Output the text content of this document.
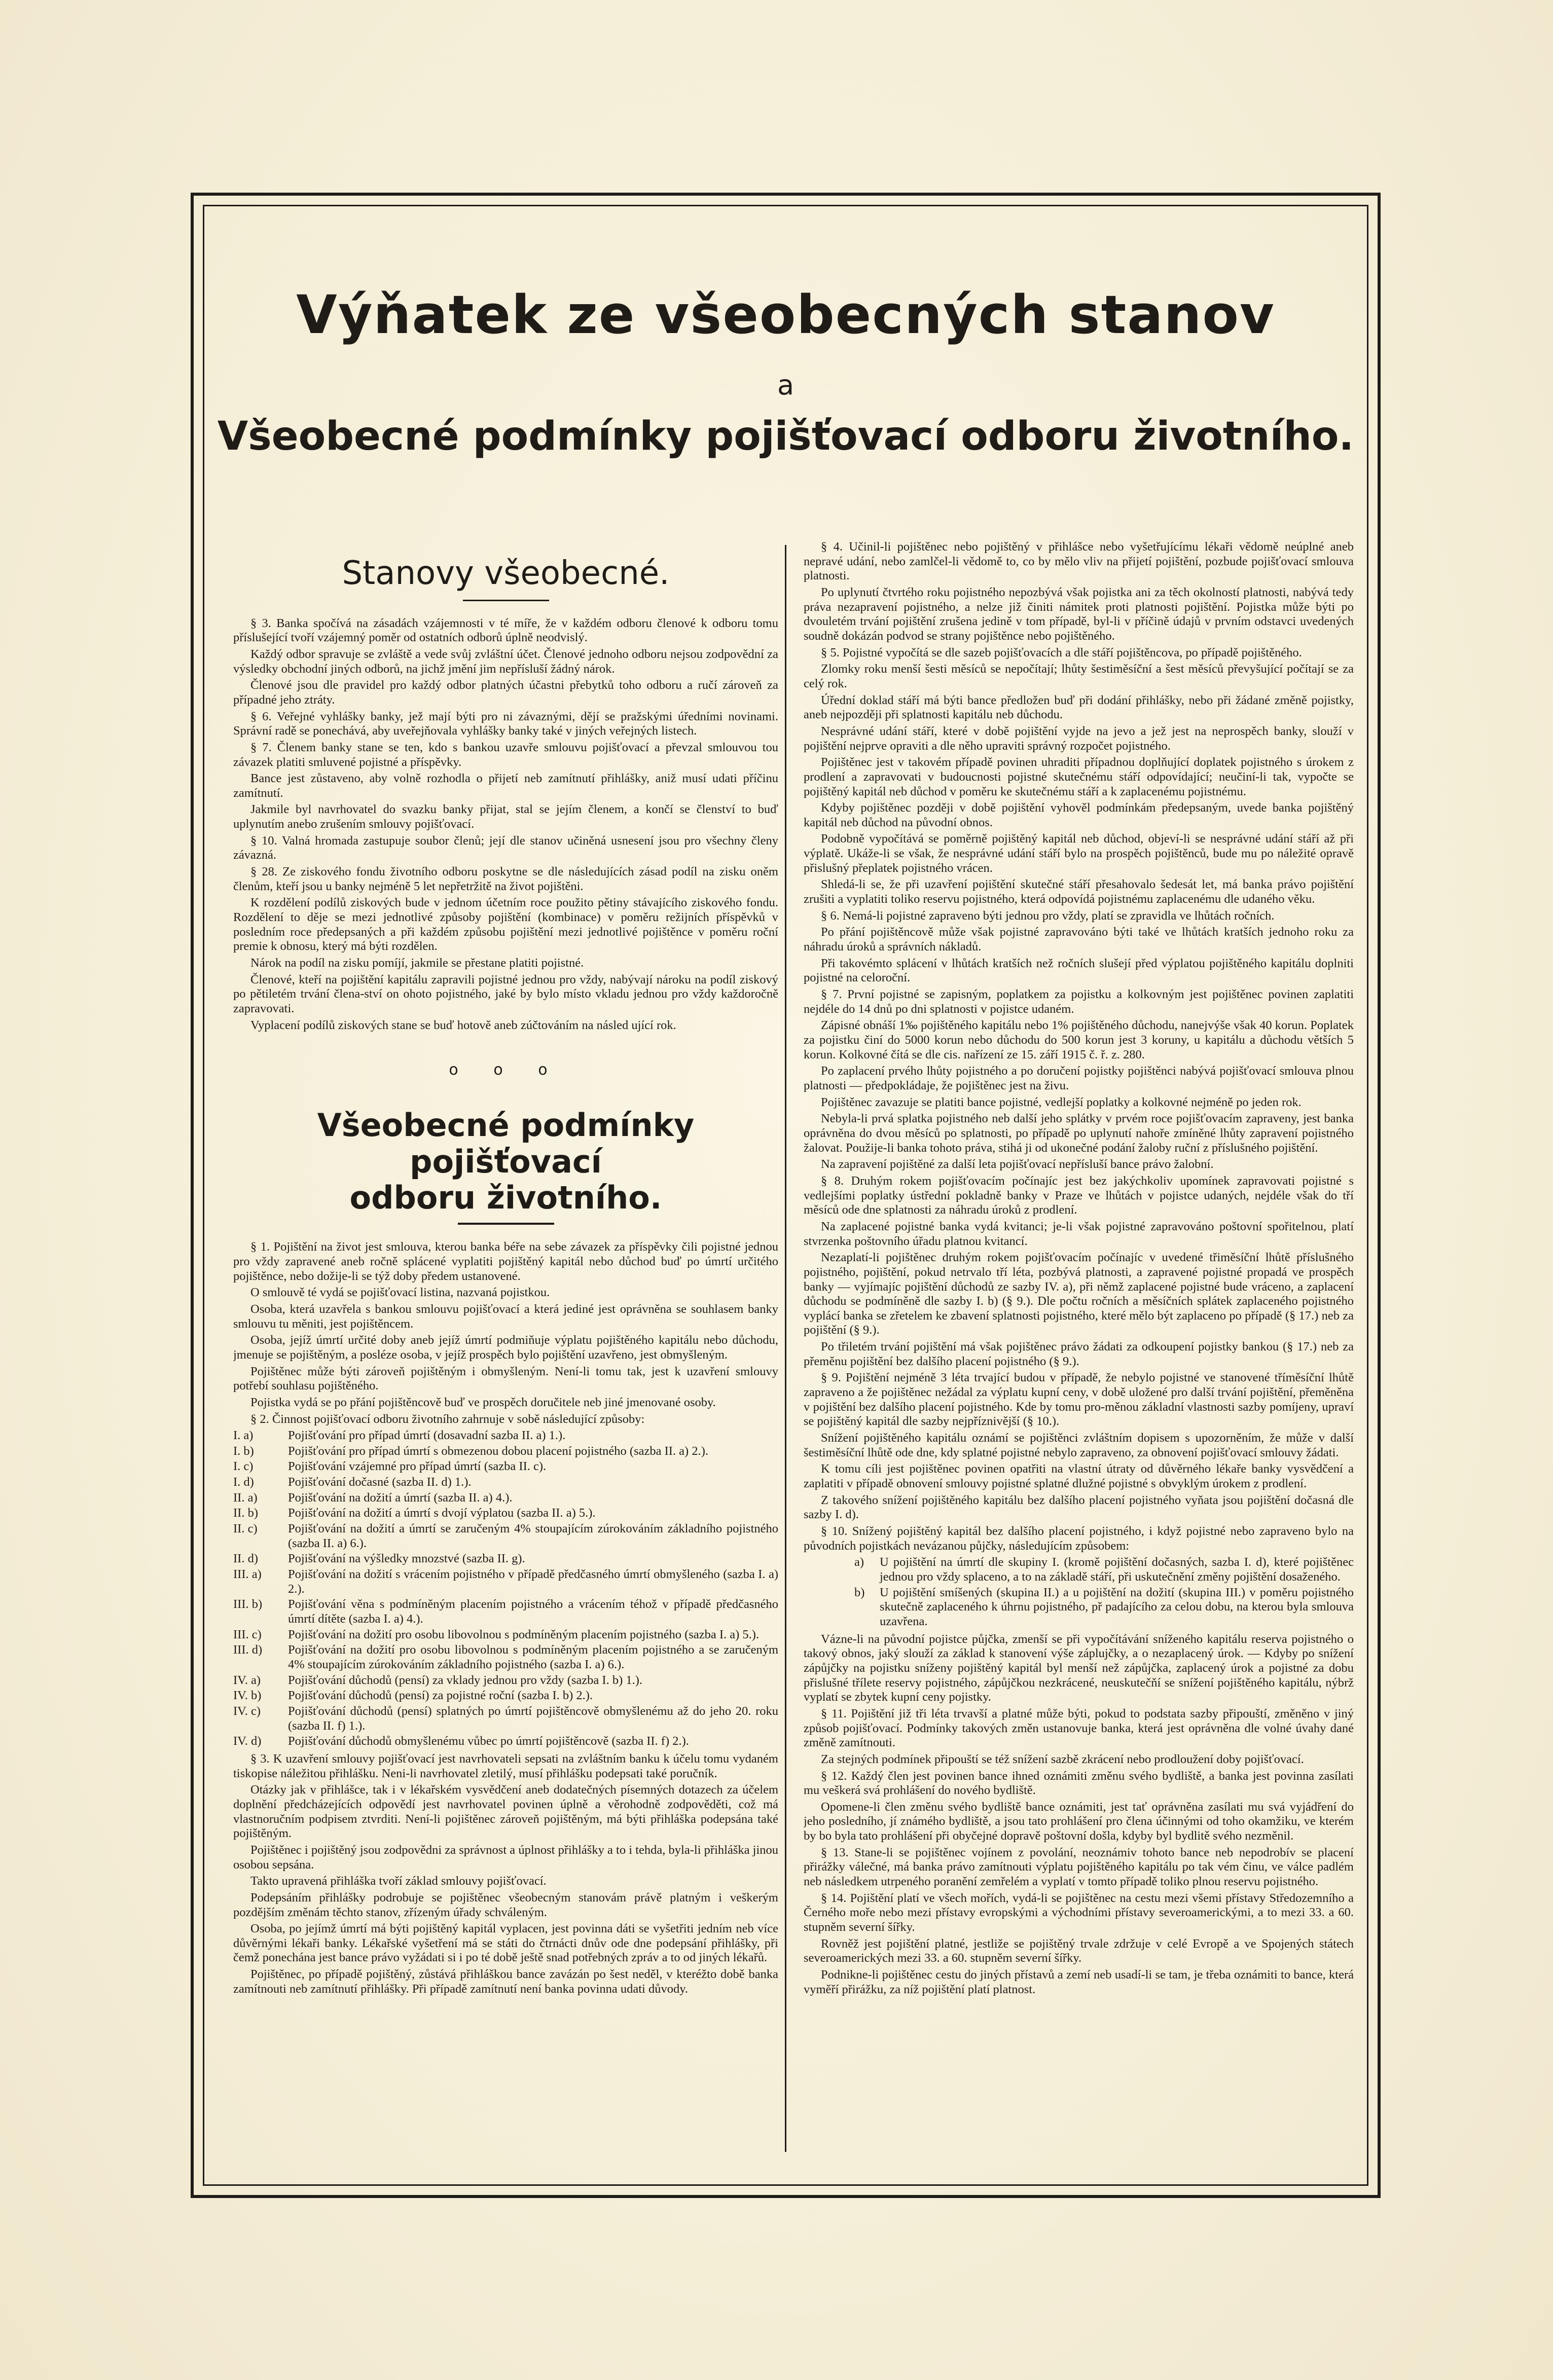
Výňatek ze všeobecných stanov
a
Všeobecné podmínky pojišťovací odboru životního.
Stanovy všeobecné.

§ 3. Banka spočívá na zásadách vzájemnosti v té míře, že v každém odboru členové k odboru tomu příslušející tvoří vzájemný poměr od ostatních odborů úplně neodvislý.

Každý odbor spravuje se zvláště a vede svůj zvláštní účet. Členové jednoho odboru nejsou zodpovědní za výsledky obchodní jiných odborů, na jichž jmění jim nepřísluší žádný nárok.

Členové jsou dle pravidel pro každý odbor platných účastni přebytků toho odboru a ručí zároveň za případné jeho ztráty.

§ 6. Veřejné vyhlášky banky, jež mají býti pro ni závaznými, dějí se pražskými úředními novinami. Správní radě se ponechává, aby uveřejňovala vyhlášky banky také v jiných veřejných listech.

§ 7. Členem banky stane se ten, kdo s bankou uzavře smlouvu pojišťovací a převzal smlouvou tou závazek platiti smluvené pojistné a příspěvky.

Bance jest zůstaveno, aby volně rozhodla o přijetí neb zamítnutí přihlášky, aniž musí udati příčinu zamítnutí.

Jakmile byl navrhovatel do svazku banky přijat, stal se jejím členem, a končí se členství to buď uplynutím anebo zrušením smlouvy pojišťovací.

§ 10. Valná hromada zastupuje soubor členů; její dle stanov učiněná usnesení jsou pro všechny členy závazná.

§ 28. Ze ziskového fondu životního odboru poskytne se dle následujících zásad podíl na zisku oněm členům, kteří jsou u banky nejméně 5 let nepřetržitě na život pojištěni.

K rozdělení podílů ziskových bude v jednom účetním roce použito pětiny stávajícího ziskového fondu. Rozdělení to děje se mezi jednotlivé způsoby pojištění (kombinace) v poměru režijních příspěvků v posledním roce předepsaných a při každém způsobu pojištění mezi jednotlivé pojištěnce v poměru roční premie k obnosu, který má býti rozdělen.

Nárok na podíl na zisku pomíjí, jakmile se přestane platiti pojistné.

Členové, kteří na pojištění kapitálu zapravili pojistné jednou pro vždy, nabývají nároku na podíl ziskový po pětiletém trvání člena-ství on ohoto pojistného, jaké by bylo místo vkladu jednou pro vždy každoročně zapravovati.

Vyplacení podílů ziskových stane se buď hotově aneb zúčtováním na násled ující rok.

o o o
Všeobecné podmínky pojišťovací
odboru životního.

§ 1. Pojištění na život jest smlouva, kterou banka béře na sebe závazek za příspěvky čili pojistné jednou pro vždy zapravené aneb ročně splácené vyplatiti pojištěný kapitál nebo důchod buď po úmrtí určitého pojištěnce, nebo dožije-li se týž doby předem ustanovené.

O smlouvě té vydá se pojišťovací listina, nazvaná pojistkou.

Osoba, která uzavřela s bankou smlouvu pojišťovací a která jediné jest oprávněna se souhlasem banky smlouvu tu měniti, jest pojištěncem.

Osoba, jejíž úmrtí určité doby aneb jejíž úmrtí podmiňuje výplatu pojištěného kapitálu nebo důchodu, jmenuje se pojištěným, a posléze osoba, v jejíž prospěch bylo pojištění uzavřeno, jest obmyšleným.

Pojištěnec může býti zároveň pojištěným i obmyšleným. Není-li tomu tak, jest k uzavření smlouvy potřebí souhlasu pojištěného.

Pojistka vydá se po přání pojištěncově buď ve prospěch doručitele neb jiné jmenované osoby.

§ 2. Činnost pojišťovací odboru životního zahrnuje v sobě následující způsoby:

I. a)	Pojišťování pro případ úmrtí (dosavadní sazba II. a) 1.).
I. b)	Pojišťování pro případ úmrtí s obmezenou dobou placení pojistného (sazba II. a) 2.).
I. c)	Pojišťování vzájemné pro případ úmrtí (sazba II. c).
I. d)	Pojišťování dočasné (sazba II. d) 1.).
II. a) Pojišťování na dožití a úmrtí (sazba II. a) 4.).
II. b) Pojišťování na dožití a úmrtí s dvojí výplatou (sazba II. a) 5.).
II. c) Pojišťování na dožití a úmrtí se zaručeným 4% stoupajícím zúrokováním základního pojistného (sazba II. a) 6.).
II. d) Pojišťování na výšledky mnozstvé (sazba II. g).
III. a) Pojišťování na dožití s vrácením pojistného v případě předčasného úmrtí obmyšleného (sazba I. a) 2.).
III. b) Pojišťování věna s podmíněným placením pojistného a vrácením téhož v případě předčasného úmrtí dítěte (sazba I. a) 4.).
III. c) Pojišťování na dožití pro osobu libovolnou s podmíněným placením pojistného (sazba I. a) 5.).
III. d) Pojišťování na dožití pro osobu libovolnou s podmíněným placením pojistného a se zaručeným 4% stoupajícím zúrokováním základního pojistného (sazba I. a) 6.).
IV. a) Pojišťování důchodů (pensí) za vklady jednou pro vždy (sazba I. b) 1.).
IV. b) Pojišťování důchodů (pensí) za pojistné roční (sazba I. b) 2.).
IV. c) Pojišťování důchodů (pensí) splatných po úmrtí pojištěncově obmyšlenému až do jeho 20. roku (sazba II. f) 1.).
IV. d) Pojišťování důchodů obmyšlenému vůbec po úmrtí pojištěncově (sazba II. f) 2.).

§ 3. K uzavření smlouvy pojišťovací jest navrhovateli sepsati na zvláštním banku k účelu tomu vydaném tiskopise náležitou přihlášku. Neni-li navrhovatel zletilý, musí přihlášku podepsati také poručník.

Otázky jak v přihlášce, tak i v lékařském vysvědčení aneb dodatečných písemných dotazech za účelem doplnění předcházejících odpovědí jest navrhovatel povinen úplně a věrohodně zodpověděti, což má vlastnoručním podpisem ztvrditi. Není-li pojištěnec zároveň pojištěným, má býti přihláška podepsána také pojištěným.

Pojištěnec i pojištěný jsou zodpovědni za správnost a úplnost přihlášky a to i tehda, byla-li přihláška jinou osobou sepsána.

Takto upravená přihláška tvoří základ smlouvy pojišťovací.

Podepsáním přihlášky podrobuje se pojištěnec všeobecným stanovám právě platným i veškerým pozdějším změnám těchto stanov, zřízeným úřady schváleným.

Osoba, po jejímž úmrtí má býti pojištěný kapitál vyplacen, jest povinna dáti se vyšetřiti jedním neb více důvěrnými lékaři banky. Lékařské vyšetření má se státi do čtrnácti dnův ode dne podepsání přihlášky, při čemž ponechána jest bance právo vyžádati si i po té době ještě snad potřebných zpráv a to od jiných lékařů.

Pojištěnec, po případě pojištěný, zůstává přihláškou bance zavázán po šest neděl, v kteréžto době banka zamítnouti neb zamítnutí přihlášky. Při případě zamítnutí není banka povinna udati důvody.

§ 4. Učinil-li pojištěnec nebo pojištěný v přihlášce nebo vyšetřujícímu lékaři vědomě neúplné aneb nepravé udání, nebo zamlčel-li vědomě to, co by mělo vliv na přijetí pojištění, pozbude pojišťovací smlouva platnosti.

Po uplynutí čtvrtého roku pojistného nepozbývá však pojistka ani za těch okolností platnosti, nabývá tedy práva nezapravení pojistného, a nelze již činiti námitek proti platnosti pojištění. Pojistka může býti po dvouletém trvání pojištění zrušena jedině v tom případě, byl-li v příčině údajů v prvním odstavci uvedených soudně dokázán podvod se strany pojištěnce nebo pojištěného.

§ 5. Pojistné vypočítá se dle sazeb pojišťovacích a dle stáří pojištěncova, po případě pojištěného.

Zlomky roku menší šesti měsíců se nepočítají; lhůty šestiměsíční a šest měsíců převyšující počítají se za celý rok.

Úřední doklad stáří má býti bance předložen buď při dodání přihlášky, nebo při žádané změně pojistky, aneb nejpozději při splatnosti kapitálu neb důchodu.

Nesprávné udání stáří, které v době pojištění vyjde na jevo a jež jest na neprospěch banky, slouží v pojištění nejprve opraviti a dle něho upraviti správný rozpočet pojistného.

Pojištěnec jest v takovém případě povinen uhraditi případnou doplňující doplatek pojistného s úrokem z prodlení a zapravovati v budoucnosti pojistné skutečnému stáří odpovídající; neučiní-li tak, vypočte se pojištěný kapitál neb důchod v poměru ke skutečnému stáří a k zaplacenému pojistnému.

Kdyby pojištěnec později v době pojištění vyhověl podmínkám předepsaným, uvede banka pojištěný kapitál neb důchod na původní obnos.

Podobně vypočítává se poměrně pojištěný kapitál neb důchod, objeví-li se nesprávné udání stáří až při výplatě. Ukáže-li se však, že nesprávné udání stáří bylo na prospěch pojištěnců, bude mu po náležité opravě přislušný přeplatek pojistného vrácen.

Shledá-li se, že při uzavření pojištění skutečné stáří přesahovalo šedesát let, má banka právo pojištění zrušiti a vyplatiti toliko reservu pojistného, která odpovídá pojistnému zaplacenému dle udaného věku.

§ 6. Nemá-li pojistné zapraveno býti jednou pro vždy, platí se zpravidla ve lhůtách ročních.

Po přání pojištěncově může však pojistné zapravováno býti také ve lhůtách kratších jednoho roku za náhradu úroků a správních nákladů.

Při takovémto splácení v lhůtách kratších než ročních slušejí před výplatou pojištěného kapitálu doplniti pojistné na celoroční.

§ 7. První pojistné se zapisným, poplatkem za pojistku a kolkovným jest pojištěnec povinen zaplatiti nejdéle do 14 dnů po dni splatnosti v pojistce udaném.

Zápisné obnáší 1‰ pojištěného kapitálu nebo 1% pojištěného důchodu, nanejvýše však 40 korun. Poplatek za pojistku činí do 5000 korun nebo důchodu do 500 korun jest 3 koruny, u kapitálu a důchodu větších 5 korun. Kolkovné čítá se dle cis. nařízení ze 15. září 1915 č. ř. z. 280.

Po zaplacení prvého lhůty pojistného a po doručení pojistky pojištěnci nabývá pojišťovací smlouva plnou platnosti — předpokládaje, že pojištěnec jest na živu.

Pojištěnec zavazuje se platiti bance pojistné, vedlejší poplatky a kolkovné nejméně po jeden rok.

Nebyla-li prvá splatka pojistného neb další jeho splátky v prvém roce pojišťovacím zapraveny, jest banka oprávněna do dvou měsíců po splatnosti, po případě po uplynutí nahoře zmíněné lhůty zapravení pojistného žalovat. Použije-li banka tohoto práva, stihá ji od ukonečné podání žaloby ruční z příslušného pojištění.

Na zapravení pojištěné za další leta pojišťovací nepřísluší bance právo žalobní.

§ 8. Druhým rokem pojišťovacím počínajíc jest bez jakýchkoliv upomínek zapravovati pojistné s vedlejšími poplatky ústřední pokladně banky v Praze ve lhůtách v pojistce udaných, nejdéle však do tří měsíců ode dne splatnosti za náhradu úroků z prodlení.

Na zaplacené pojistné banka vydá kvitanci; je-li však pojistné zapravováno poštovní spořitelnou, platí stvrzenka poštovního úřadu platnou kvitancí.

Nezaplatí-li pojištěnec druhým rokem pojišťovacím počínajíc v uvedené třiměsíční lhůtě příslušného pojistného, pojištění, pokud netrvalo tří léta, pozbývá platnosti, a zapravené pojistné propadá ve prospěch banky — vyjímajíc pojištění důchodů ze sazby IV. a), při němž zaplacené pojistné bude vráceno, a zaplacení důchodu se podmíněně dle sazby I. b) (§ 9.). Dle počtu ročních a měsíčních splátek zaplaceného pojistného vyplácí banka se zřetelem ke zbavení splatnosti pojistného, které mělo být zaplaceno po případě (§ 17.) neb za pojištění (§ 9.).

Po třiletém trvání pojištění má však pojištěnec právo žádati za odkoupení pojistky bankou (§ 17.) neb za přeměnu pojištění bez dalšího placení pojistného (§ 9.).

§ 9. Pojištění nejméně 3 léta trvající budou v případě, že nebylo pojistné ve stanovené tříměsíční lhůtě zapraveno a že pojištěnec nežádal za výplatu kupní ceny, v době uložené pro další trvání pojištění, přeměněna v pojištění bez dalšího placení pojistného. Kde by tomu pro-měnou základní vlastnosti sazby pomíjeny, upraví se pojištěný kapitál dle sazby nejpříznivější (§ 10.).

Snížení pojištěného kapitálu oznámí se pojištěnci zvláštním dopisem s upozorněním, že může v další šestiměsíční lhůtě ode dne, kdy splatné pojistné nebylo zapraveno, za obnovení pojišťovací smlouvy žádati.

K tomu cíli jest pojištěnec povinen opatřiti na vlastní útraty od důvěrného lékaře banky vysvědčení a zaplatiti v případě obnovení smlouvy pojistné splatné dlužné pojistné s obvyklým úrokem z prodlení.

Z takového snížení pojištěného kapitálu bez dalšího placení pojistného vyňata jsou pojištění dočasná dle sazby I. d).

§ 10. Snížený pojištěný kapitál bez dalšího placení pojistného, i když pojistné nebo zapraveno bylo na původních pojistkách nevázanou půjčky, následujícím způsobem:

a) U pojištění na úmrtí dle skupiny I. (kromě pojištění dočasných, sazba I. d), které pojištěnec jednou pro vždy splaceno, a to na základě stáří, při uskutečnění změny pojištění dosaženého.
b) U pojištění smíšených (skupina II.) a u pojištění na dožití (skupina III.) v poměru pojistného skutečně zaplaceného k úhrnu pojistného, př padajícího za celou dobu, na kterou byla smlouva uzavřena.

Vázne-li na původní pojistce půjčka, zmenší se při vypočítávání sníženého kapitálu reserva pojistného o takový obnos, jaký slouží za základ k stanovení výše záplujčky, a o nezaplacený úrok. — Kdyby po snížení zápůjčky na pojistku sníženy pojištěný kapitál byl menší než zápůjčka, zaplacený úrok a pojistné za dobu přislušné třílete reservy pojistného, zápůjčkou nezkrácené, neuskutečňí se snížení pojištěného kapitálu, nýbrž vyplatí se zbytek kupní ceny pojistky.

§ 11. Pojištění již tři léta trvavší a platné může býti, pokud to podstata sazby připouští, změněno v jiný způsob pojišťovací. Podmínky takových změn ustanovuje banka, která jest oprávněna dle volné úvahy dané změně zamítnouti.

Za stejných podmínek připouští se též snížení sazbě zkrácení nebo prodloužení doby pojišťovací.

§ 12. Každý člen jest povinen bance ihned oznámiti změnu svého bydliště, a banka jest povinna zasílati mu veškerá svá prohlášení do nového bydliště.

Opomene-li člen změnu svého bydliště bance oznámiti, jest tať oprávněna zasílati mu svá vyjádření do jeho posledního, jí známého bydliště, a jsou tato prohlášení pro člena účinnými od toho okamžiku, ve kterém by bo byla tato prohlášení při obyčejné dopravě poštovní došla, kdyby byl bydlitě svého nezměnil.

§ 13. Stane-li se pojištěnec vojínem z povolání, neoznámiv tohoto bance neb nepodrobív se placení přirážky válečné, má banka právo zamítnouti výplatu pojištěného kapitálu po tak vém činu, ve válce padlém neb následkem utrpeného poranění zemřelém a vyplatí v tomto případě toliko plnou reservu pojistného.

§ 14. Pojištění platí ve všech mořích, vydá-li se pojištěnec na cestu mezi všemi přístavy Středozemního a Černého moře nebo mezi přístavy evropskými a východními přístavy severoamerickými, a to mezi 33. a 60. stupněm severní šířky.

Rovněž jest pojištění platné, jestliže se pojištěný trvale zdržuje v celé Evropě a ve Spojených státech severoamerických mezi 33. a 60. stupněm severní šířky.

Podnikne-li pojištěnec cestu do jiných přístavů a zemí neb usadí-li se tam, je třeba oznámiti to bance, která vyměří přirážku, za níž pojištění platí platnost.
